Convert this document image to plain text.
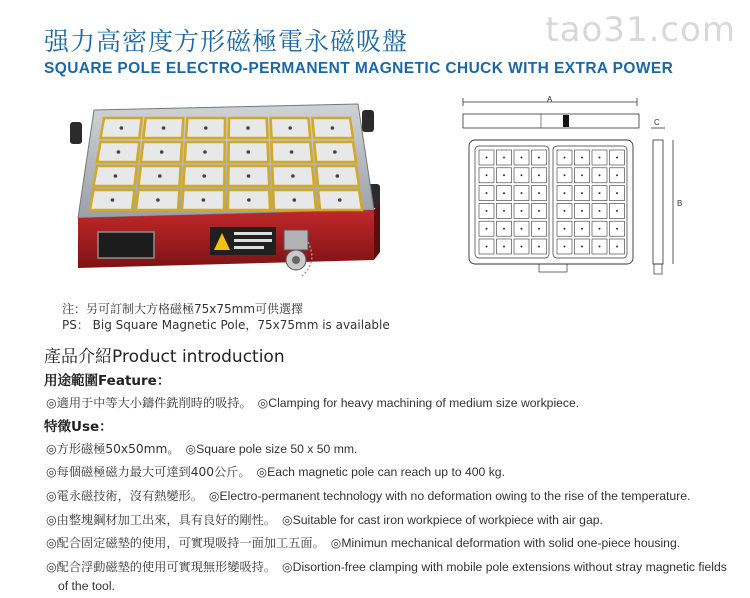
tao31.com
强力高密度方形磁極電永磁吸盤
SQUARE POLE ELECTRO-PERMANENT MAGNETIC CHUCK WITH EXTRA POWER
A
C
B
注：另可訂制大方格磁極75x75mm可供選擇
PS： Big Square Magnetic Pole，75x75mm is available
產品介紹Product introduction
用途範圍Feature：
◎適用于中等大小鑄件銑削時的吸持。 ◎Clamping for heavy machining of medium size workpiece.
特徵Use：
◎方形磁極50x50mm。 ◎Square pole size 50 x 50 mm.
◎每個磁極磁力最大可達到400公斤。 ◎Each magnetic pole can reach up to 400 kg.
◎電永磁技術，沒有熱變形。 ◎Electro-permanent technology with no deformation owing to the rise of the temperature.
◎由整塊鋼材加工出來，具有良好的剛性。 ◎Suitable for cast iron workpiece of workpiece with air gap.
◎配合固定磁墊的使用，可實現吸持一面加工五面。 ◎Minimun mechanical deformation with solid one-piece housing.
◎配合浮動磁墊的使用可實現無形變吸持。 ◎Disortion-free clamping with mobile pole extensions without stray magnetic fields
of the tool.
